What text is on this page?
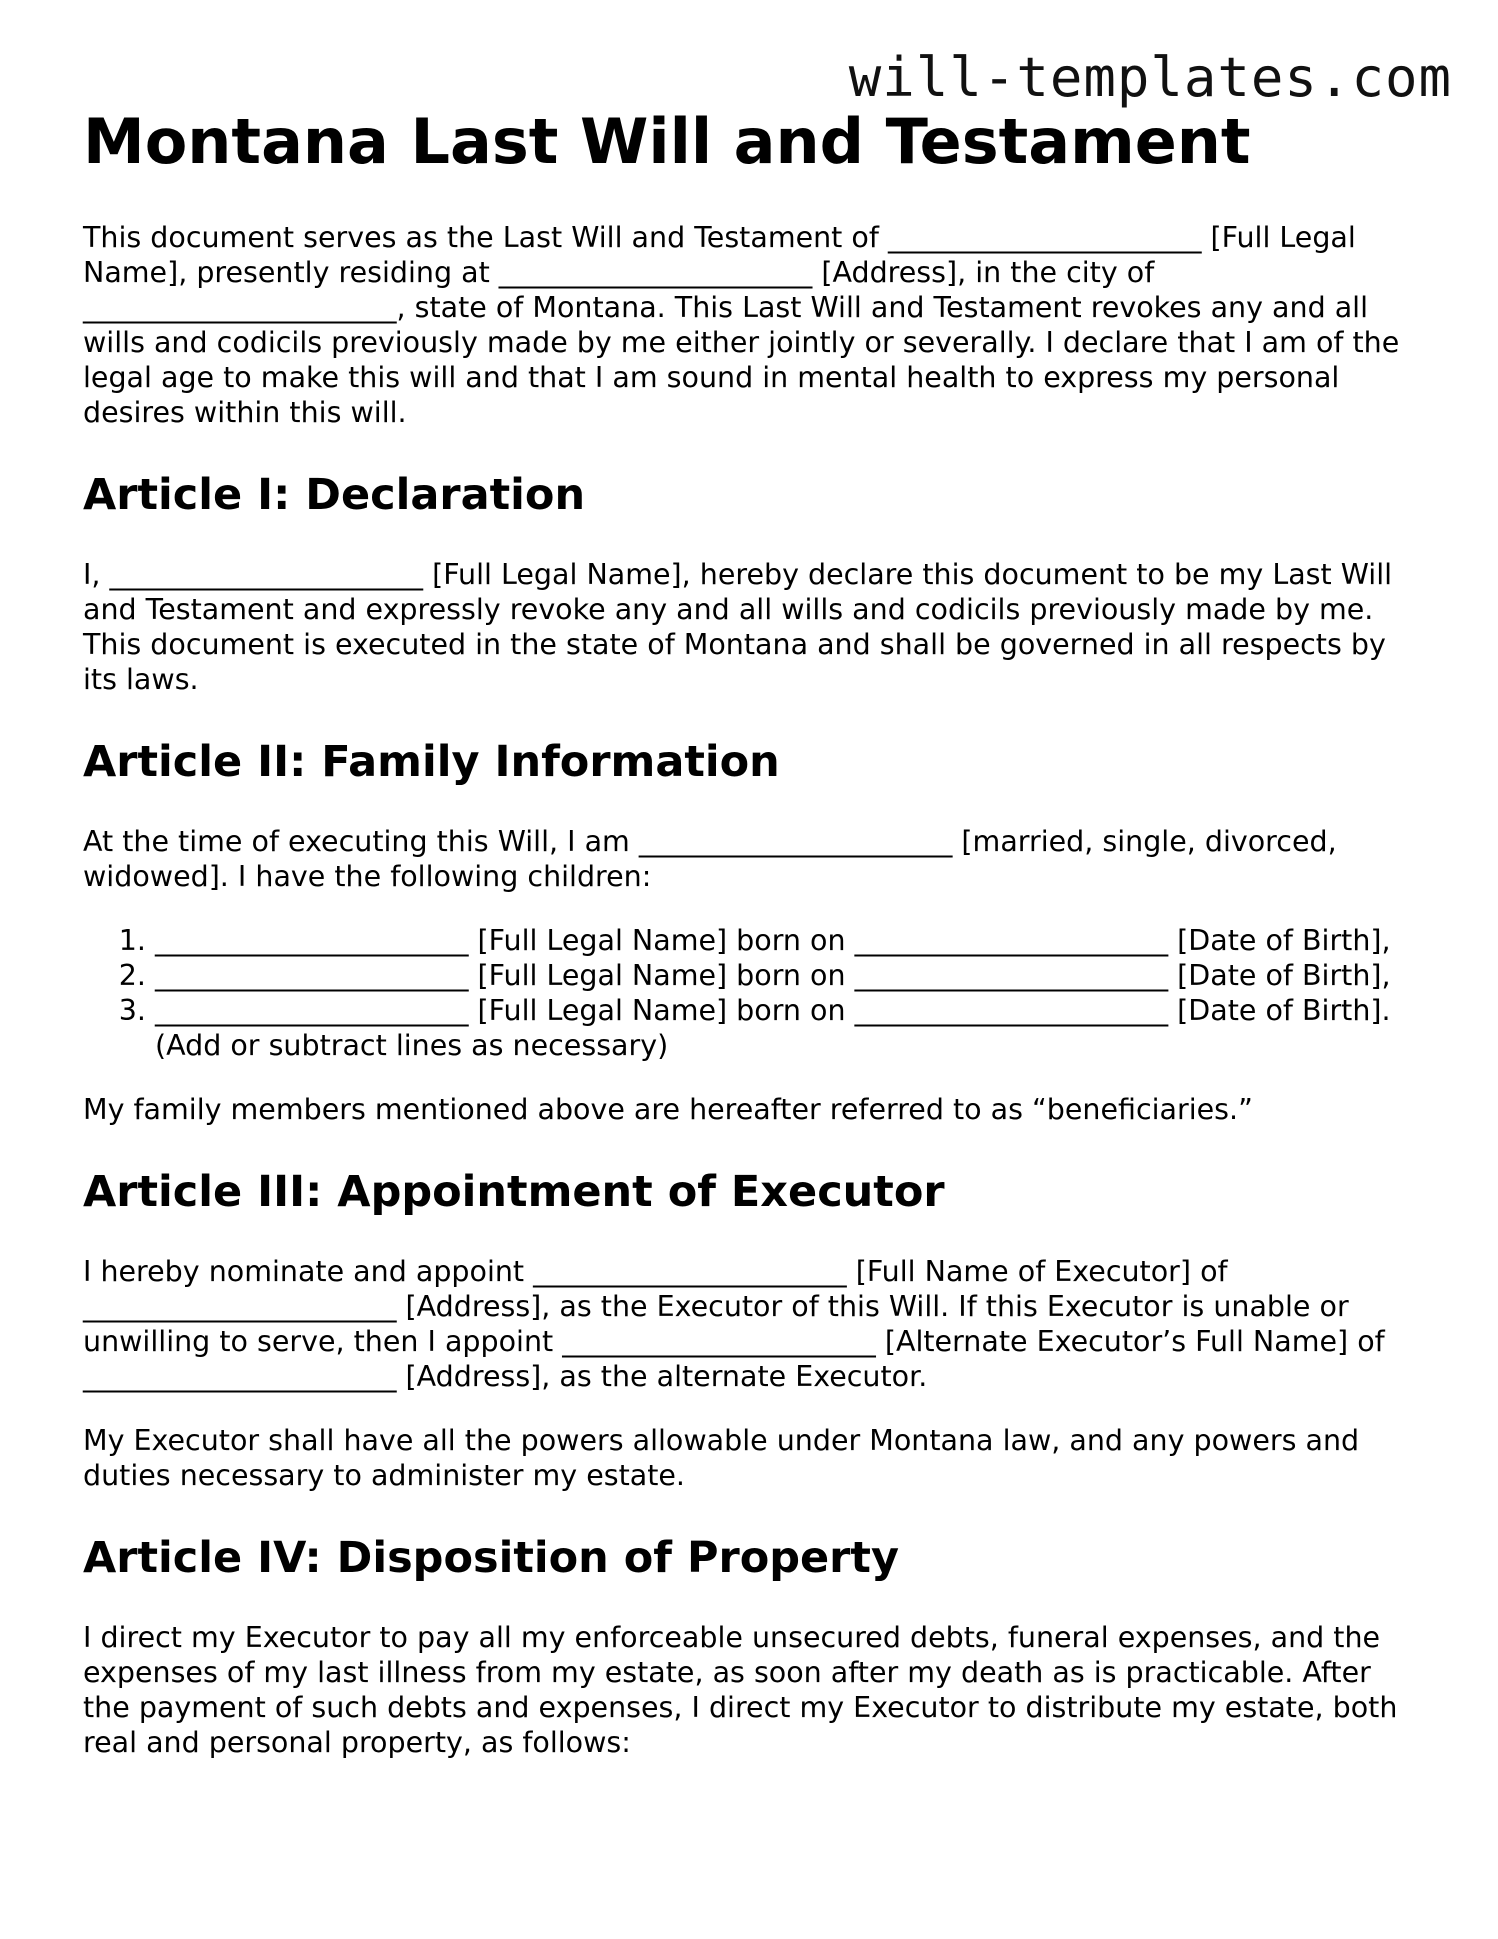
will-templates.com
Montana Last Will and Testament

This document serves as the Last Will and Testament of ______________________ [Full Legal Name], presently residing at ______________________ [Address], in the city of ______________________, state of Montana. This Last Will and Testament revokes any and all wills and codicils previously made by me either jointly or severally. I declare that I am of the legal age to make this will and that I am sound in mental health to express my personal desires within this will.

Article I: Declaration

I, ______________________ [Full Legal Name], hereby declare this document to be my Last Will and Testament and expressly revoke any and all wills and codicils previously made by me. This document is executed in the state of Montana and shall be governed in all respects by its laws.

Article II: Family Information

At the time of executing this Will, I am ______________________ [married, single, divorced, widowed]. I have the following children:

1. ______________________ [Full Legal Name] born on ______________________ [Date of Birth],
2. ______________________ [Full Legal Name] born on ______________________ [Date of Birth],
3. ______________________ [Full Legal Name] born on ______________________ [Date of Birth]. (Add or subtract lines as necessary)

My family members mentioned above are hereafter referred to as “beneficiaries.”

Article III: Appointment of Executor

I hereby nominate and appoint ______________________ [Full Name of Executor] of ______________________ [Address], as the Executor of this Will. If this Executor is unable or unwilling to serve, then I appoint ______________________ [Alternate Executor’s Full Name] of ______________________ [Address], as the alternate Executor.

My Executor shall have all the powers allowable under Montana law, and any powers and duties necessary to administer my estate.

Article IV: Disposition of Property

I direct my Executor to pay all my enforceable unsecured debts, funeral expenses, and the expenses of my last illness from my estate, as soon after my death as is practicable. After the payment of such debts and expenses, I direct my Executor to distribute my estate, both real and personal property, as follows:
